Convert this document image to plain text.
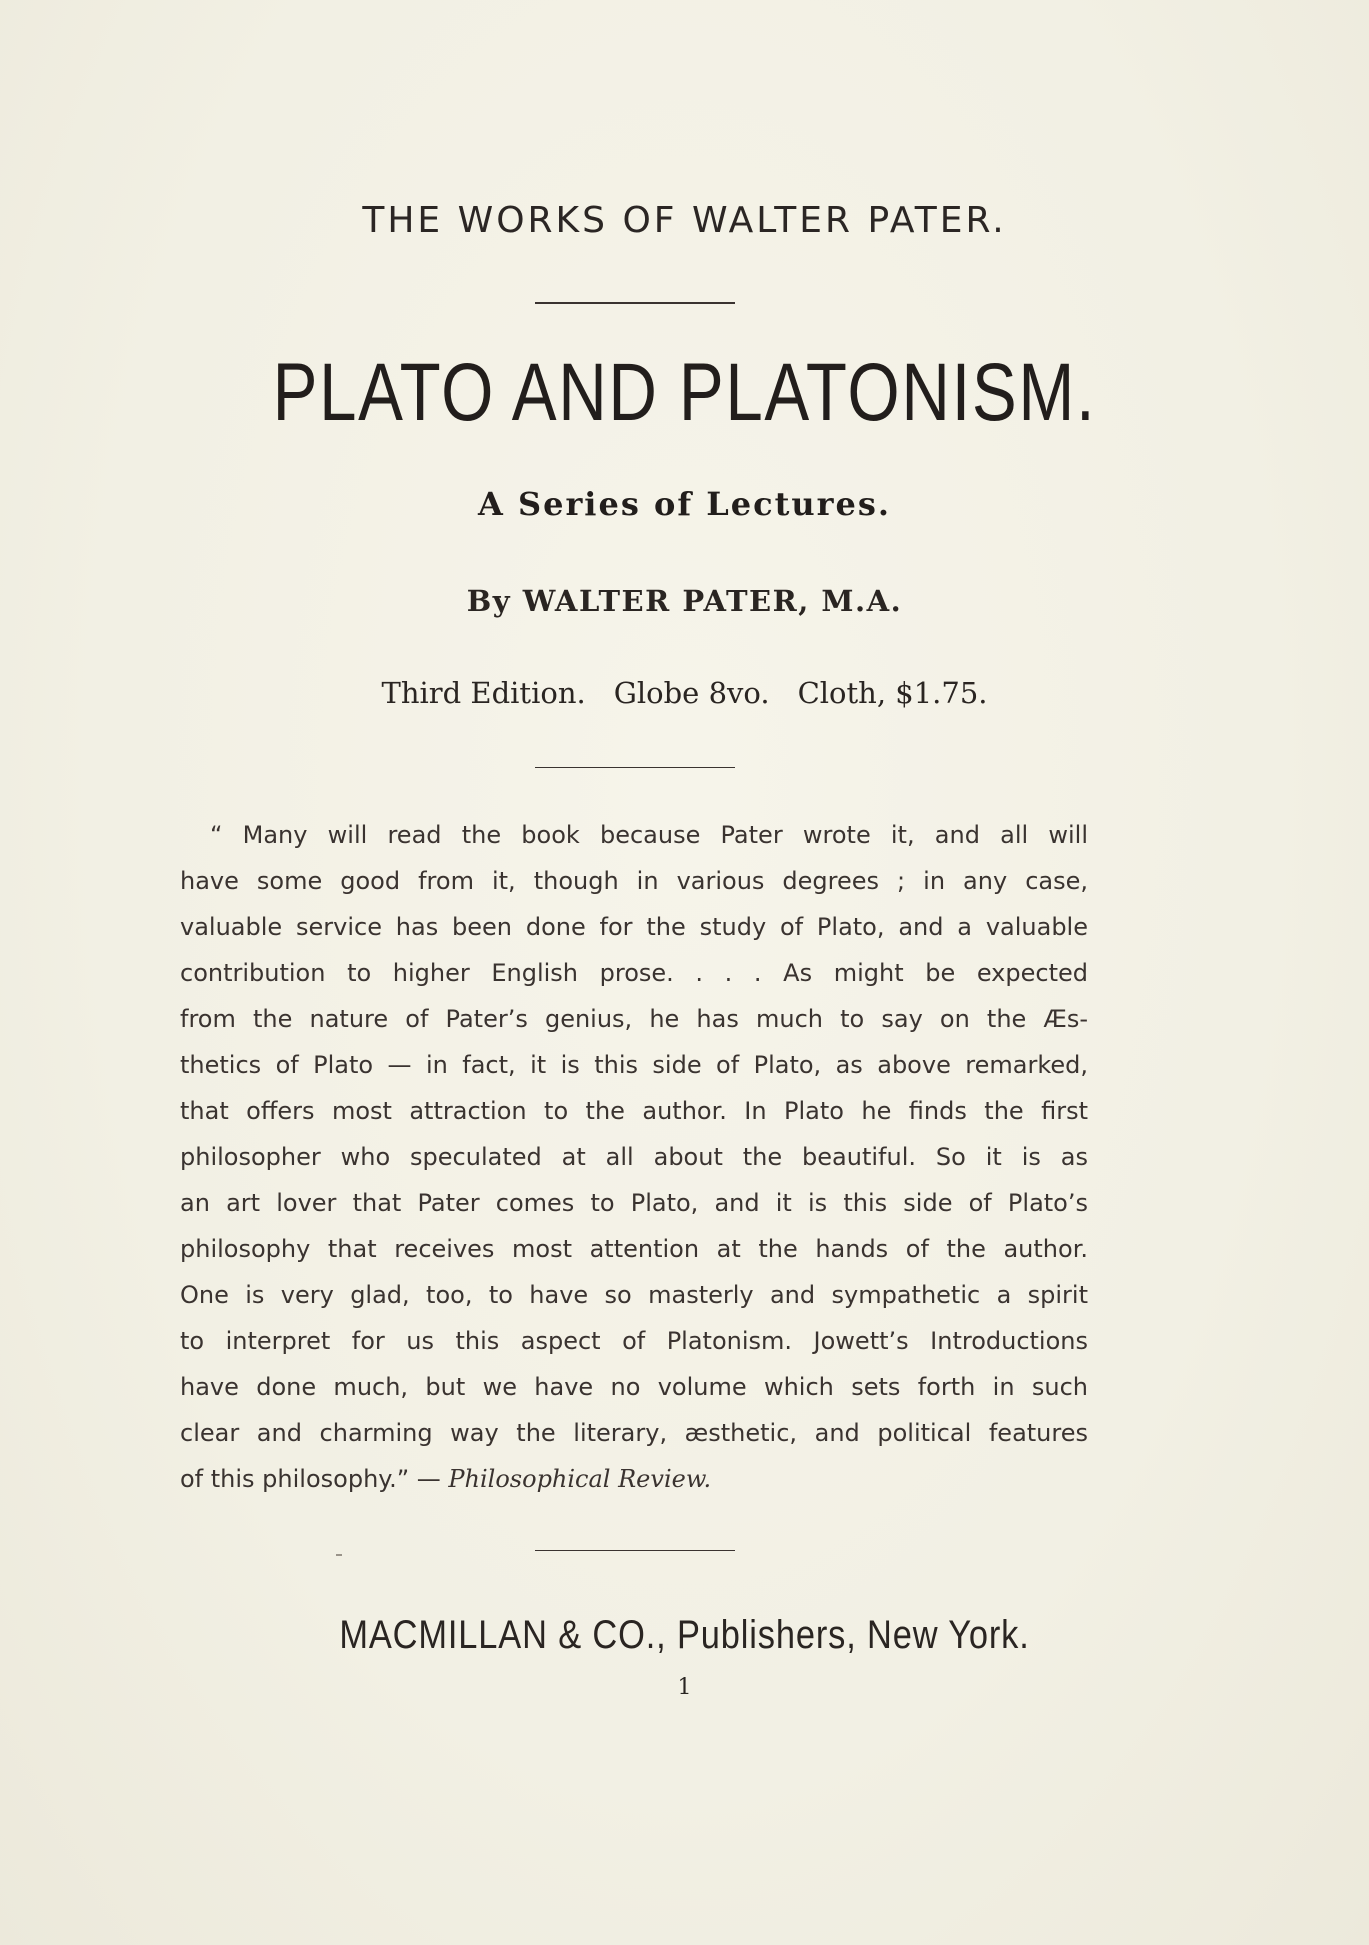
THE WORKS OF WALTER PATER.
PLATO AND PLATONISM.
A Series of Lectures.
By WALTER PATER, M.A.
Third Edition. Globe 8vo. Cloth, $1.75.
“ Many will read the book because Pater wrote it, and all will
have some good from it, though in various degrees ; in any case,
valuable service has been done for the study of Plato, and a valuable
contribution to higher English prose. . . . As might be expected
from the nature of Pater’s genius, he has much to say on the Æs-
thetics of Plato — in fact, it is this side of Plato, as above remarked,
that offers most attraction to the author. In Plato he finds the first
philosopher who speculated at all about the beautiful. So it is as
an art lover that Pater comes to Plato, and it is this side of Plato’s
philosophy that receives most attention at the hands of the author.
One is very glad, too, to have so masterly and sympathetic a spirit
to interpret for us this aspect of Platonism. Jowett’s Introductions
have done much, but we have no volume which sets forth in such
clear and charming way the literary, æsthetic, and political features
of this philosophy.” — Philosophical Review.
MACMILLAN & CO., Publishers, New York.
1
